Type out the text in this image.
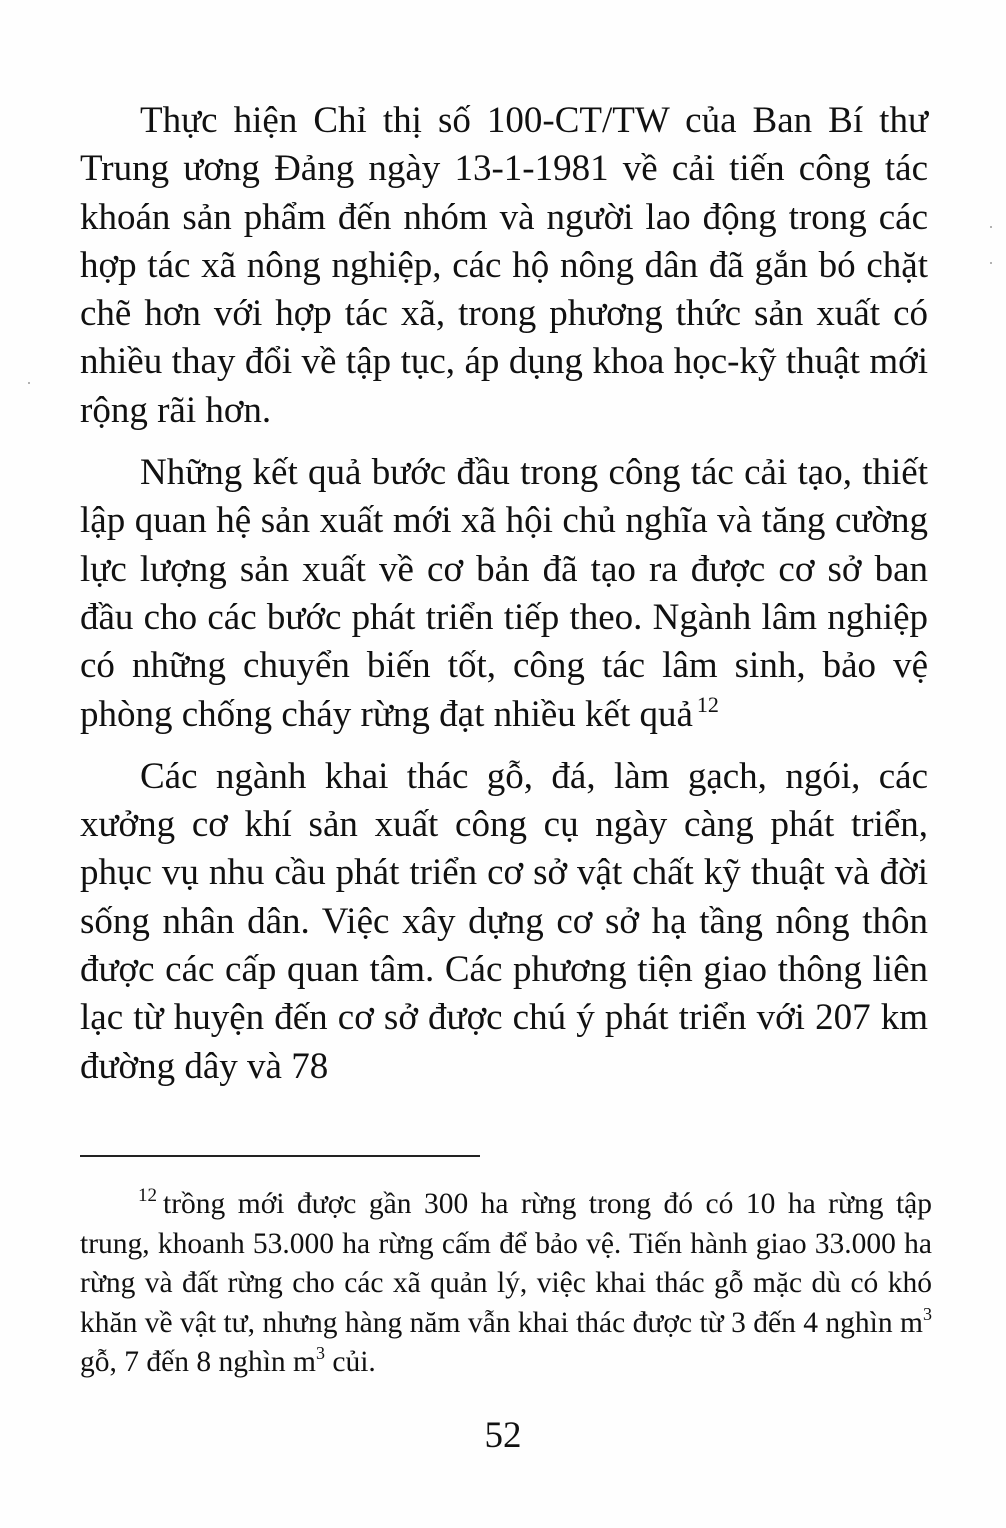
Thực hiện Chỉ thị số 100-CT/TW của Ban Bí thư Trung ương Đảng ngày 13-1-1981 về cải tiến công tác khoán sản phẩm đến nhóm và người lao động trong các hợp tác xã nông nghiệp, các hộ nông dân đã gắn bó chặt chẽ hơn với hợp tác xã, trong phương thức sản xuất có nhiều thay đổi về tập tục, áp dụng khoa học-kỹ thuật mới rộng rãi hơn.

Những kết quả bước đầu trong công tác cải tạo, thiết lập quan hệ sản xuất mới xã hội chủ nghĩa và tăng cường lực lượng sản xuất về cơ bản đã tạo ra được cơ sở ban đầu cho các bước phát triển tiếp theo. Ngành lâm nghiệp có những chuyển biến tốt, công tác lâm sinh, bảo vệ phòng chống cháy rừng đạt nhiều kết quả $^{12}$

Các ngành khai thác gỗ, đá, làm gạch, ngói, các xưởng cơ khí sản xuất công cụ ngày càng phát triển, phục vụ nhu cầu phát triển cơ sở vật chất kỹ thuật và đời sống nhân dân. Việc xây dựng cơ sở hạ tầng nông thôn được các cấp quan tâm. Các phương tiện giao thông liên lạc từ huyện đến cơ sở được chú ý phát triển với 207 km đường dây và 78

$^{12}$ trồng mới được gần 300 ha rừng trong đó có 10 ha rừng tập trung, khoanh 53.000 ha rừng cấm để bảo vệ. Tiến hành giao 33.000 ha rừng và đất rừng cho các xã quản lý, việc khai thác gỗ mặc dù có khó khăn về vật tư, nhưng hàng năm vẫn khai thác được từ 3 đến 4 nghìn m$^3$ gỗ, 7 đến 8 nghìn m$^3$ củi.

52
